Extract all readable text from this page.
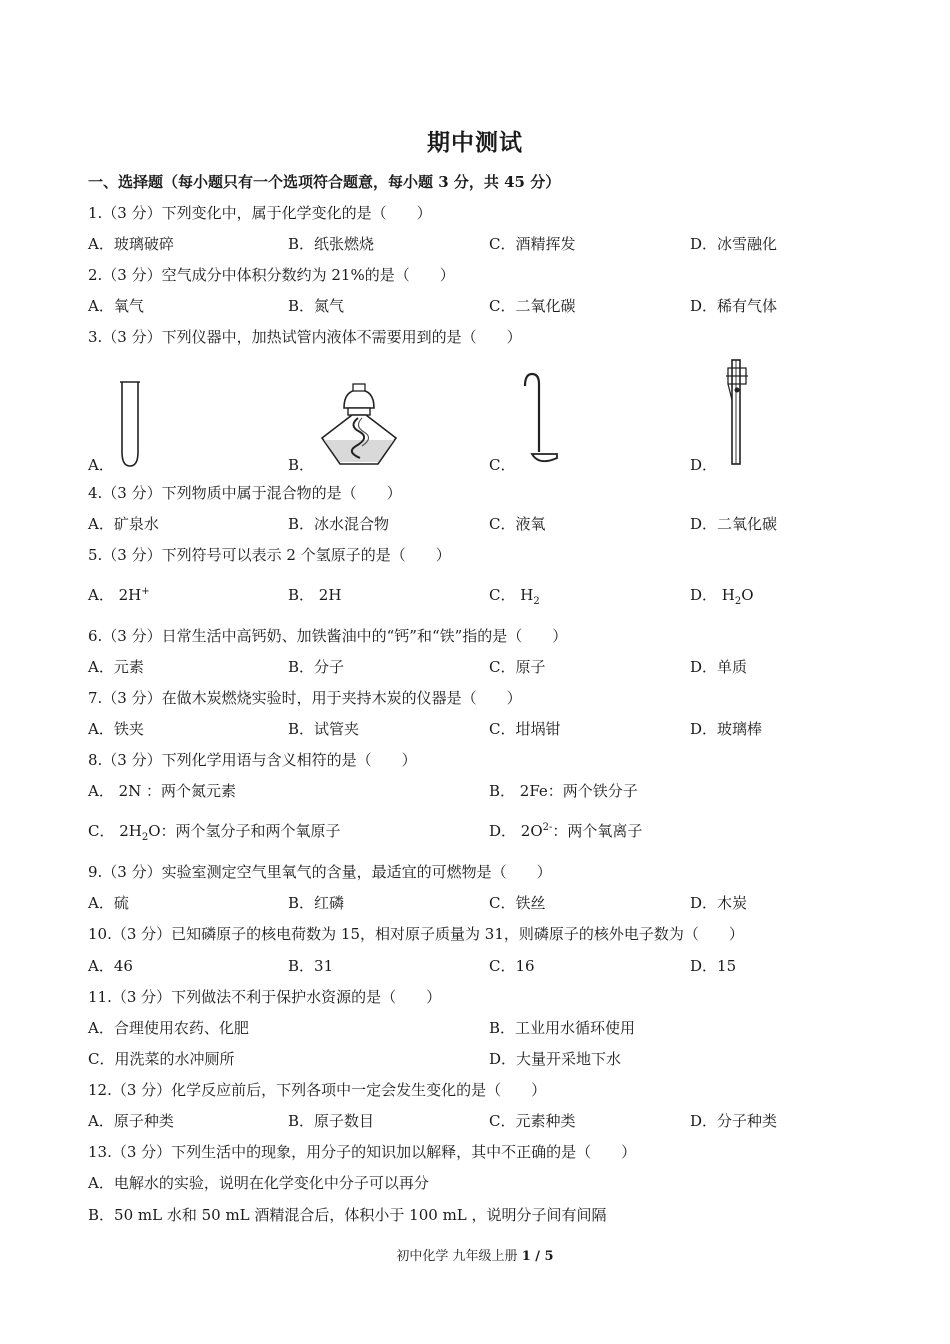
期中测试
一、选择题（每小题只有一个选项符合题意，每小题 3 分，共 45 分）
1.（3 分）下列变化中，属于化学变化的是（　　）
A．玻璃破碎	B．纸张燃烧	C．酒精挥发	D．冰雪融化
2.（3 分）空气成分中体积分数约为 21%的是（　　）
A．氧气	B．氮气	C．二氧化碳	D．稀有气体
3.（3 分）下列仪器中，加热试管内液体不需要用到的是（　　）
A．	B．	C．	D．
4.（3 分）下列物质中属于混合物的是（　　）
A．矿泉水	B．冰水混合物	C．液氧	D．二氧化碳
5.（3 分）下列符号可以表示 2 个氢原子的是（　　）
A． 2H+	B． 2H	C． $H_2$	D． $H_2O$
6.（3 分）日常生活中高钙奶、加铁酱油中的“钙”和“铁”指的是（　　）
A．元素	B．分子	C．原子	D．单质
7.（3 分）在做木炭燃烧实验时，用于夹持木炭的仪器是（　　）
A．铁夹	B．试管夹	C．坩埚钳	D．玻璃棒
8.（3 分）下列化学用语与含义相符的是（　　）
A． 2N ：两个氮元素	B． 2Fe：两个铁分子
C． $2H_2O$：两个氢分子和两个氧原子	D． $2O^{2-}$：两个氧离子
9.（3 分）实验室测定空气里氧气的含量，最适宜的可燃物是（　　）
A．硫	B．红磷	C．铁丝	D．木炭
10.（3 分）已知磷原子的核电荷数为 15，相对原子质量为 31，则磷原子的核外电子数为（　　）
A．46	B．31	C．16	D．15
11.（3 分）下列做法不利于保护水资源的是（　　）
A．合理使用农药、化肥	B．工业用水循环使用
C．用洗菜的水冲厕所	D．大量开采地下水
12.（3 分）化学反应前后，下列各项中一定会发生变化的是（　　）
A．原子种类	B．原子数目	C．元素种类	D．分子种类
13.（3 分）下列生活中的现象，用分子的知识加以解释，其中不正确的是（　　）
A．电解水的实验，说明在化学变化中分子可以再分
B．50 mL 水和 50 mL 酒精混合后，体积小于 100 mL ，说明分子间有间隔
初中化学 九年级上册 1 / 5
